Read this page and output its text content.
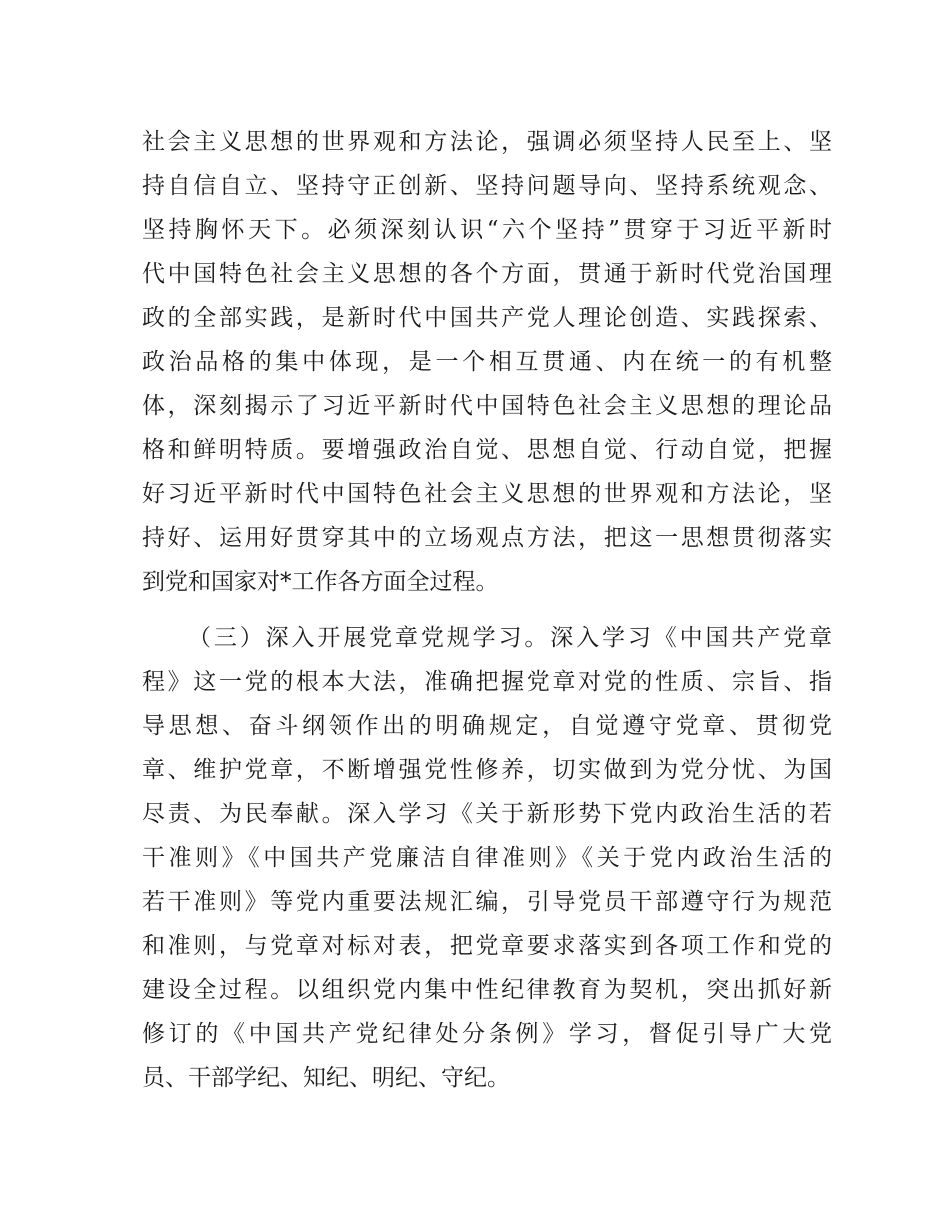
社会主义思想的世界观和方法论，强调必须坚持人民至上、坚
持自信自立、坚持守正创新、坚持问题导向、坚持系统观念、
坚持胸怀天下。必须深刻认识“六个坚持”贯穿于习近平新时
代中国特色社会主义思想的各个方面，贯通于新时代党治国理
政的全部实践，是新时代中国共产党人理论创造、实践探索、
政治品格的集中体现，是一个相互贯通、内在统一的有机整
体，深刻揭示了习近平新时代中国特色社会主义思想的理论品
格和鲜明特质。要增强政治自觉、思想自觉、行动自觉，把握
好习近平新时代中国特色社会主义思想的世界观和方法论，坚
持好、运用好贯穿其中的立场观点方法，把这一思想贯彻落实
到党和国家对*工作各方面全过程。
（三）深入开展党章党规学习。深入学习《中国共产党章
程》这一党的根本大法，准确把握党章对党的性质、宗旨、指
导思想、奋斗纲领作出的明确规定，自觉遵守党章、贯彻党
章、维护党章，不断增强党性修养，切实做到为党分忧、为国
尽责、为民奉献。深入学习《关于新形势下党内政治生活的若
干准则》《中国共产党廉洁自律准则》《关于党内政治生活的
若干准则》等党内重要法规汇编，引导党员干部遵守行为规范
和准则，与党章对标对表，把党章要求落实到各项工作和党的
建设全过程。以组织党内集中性纪律教育为契机，突出抓好新
修订的《中国共产党纪律处分条例》学习，督促引导广大党
员、干部学纪、知纪、明纪、守纪。
